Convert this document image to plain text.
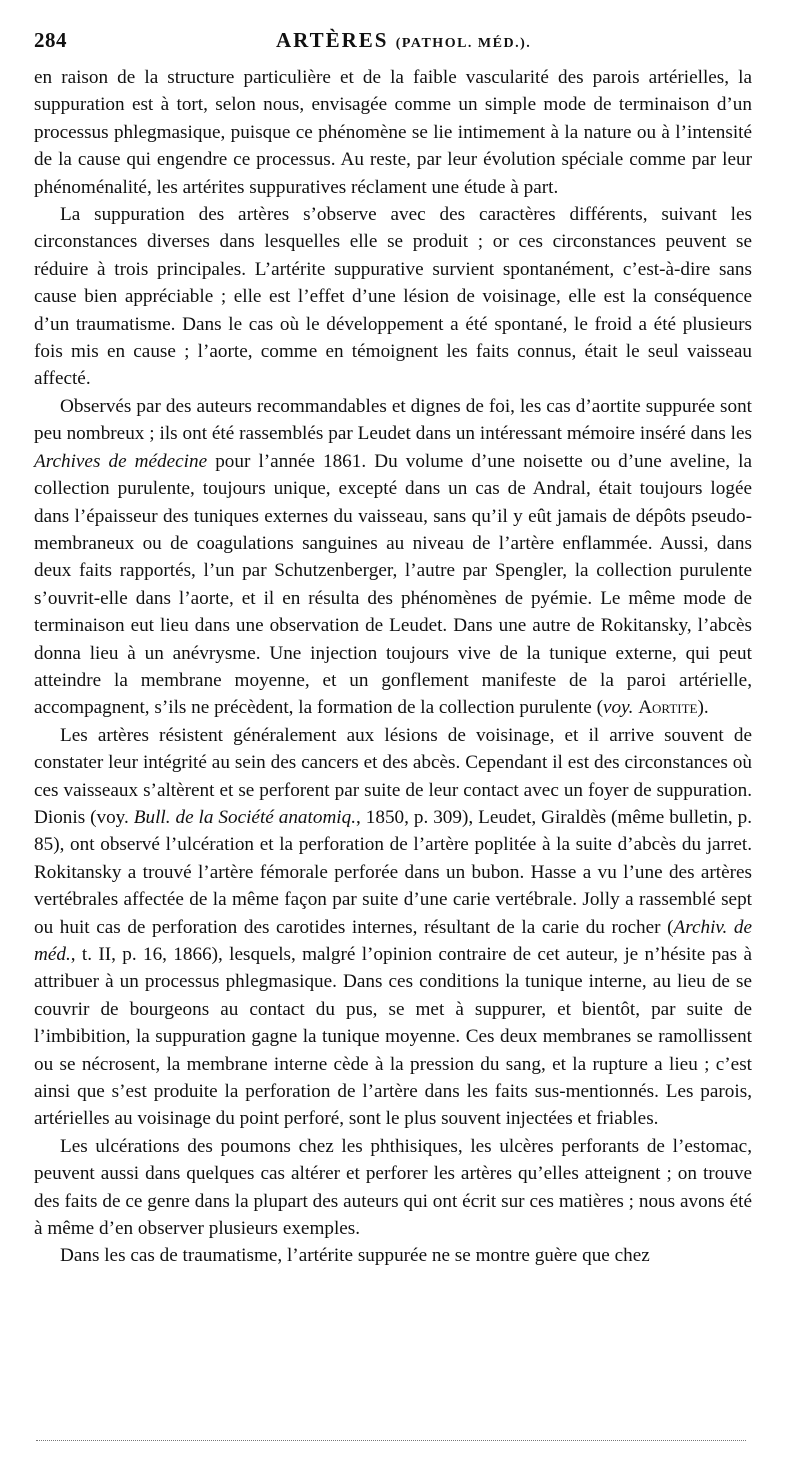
284	ARTÈRES (PATHOL. MÉD.).

en raison de la structure particulière et de la faible vascularité des parois artérielles, la suppuration est à tort, selon nous, envisagée comme un simple mode de terminaison d’un processus phlegmasique, puisque ce phénomène se lie intimement à la nature ou à l’intensité de la cause qui engendre ce processus. Au reste, par leur évolution spéciale comme par leur phénoménalité, les artérites suppuratives réclament une étude à part.

La suppuration des artères s’observe avec des caractères différents, suivant les circonstances diverses dans lesquelles elle se produit ; or ces circonstances peuvent se réduire à trois principales. L’artérite suppurative survient spontanément, c’est-à-dire sans cause bien appréciable ; elle est l’effet d’une lésion de voisinage, elle est la conséquence d’un traumatisme. Dans le cas où le développement a été spontané, le froid a été plusieurs fois mis en cause ; l’aorte, comme en témoignent les faits connus, était le seul vaisseau affecté.

Observés par des auteurs recommandables et dignes de foi, les cas d’aortite suppurée sont peu nombreux ; ils ont été rassemblés par Leudet dans un intéressant mémoire inséré dans les Archives de médecine pour l’année 1861. Du volume d’une noisette ou d’une aveline, la collection purulente, toujours unique, excepté dans un cas de Andral, était toujours logée dans l’épaisseur des tuniques externes du vaisseau, sans qu’il y eût jamais de dépôts pseudo-membraneux ou de coagulations sanguines au niveau de l’artère enflammée. Aussi, dans deux faits rapportés, l’un par Schutzenberger, l’autre par Spengler, la collection purulente s’ouvrit-elle dans l’aorte, et il en résulta des phénomènes de pyémie. Le même mode de terminaison eut lieu dans une observation de Leudet. Dans une autre de Rokitansky, l’abcès donna lieu à un anévrysme. Une injection toujours vive de la tunique externe, qui peut atteindre la membrane moyenne, et un gonflement manifeste de la paroi artérielle, accompagnent, s’ils ne précèdent, la formation de la collection purulente (voy. Aortite).

Les artères résistent généralement aux lésions de voisinage, et il arrive souvent de constater leur intégrité au sein des cancers et des abcès. Cependant il est des circonstances où ces vaisseaux s’altèrent et se perforent par suite de leur contact avec un foyer de suppuration. Dionis (voy. Bull. de la Société anatomiq., 1850, p. 309), Leudet, Giraldès (même bulletin, p. 85), ont observé l’ulcération et la perforation de l’artère poplitée à la suite d’abcès du jarret. Rokitansky a trouvé l’artère fémorale perforée dans un bubon. Hasse a vu l’une des artères vertébrales affectée de la même façon par suite d’une carie vertébrale. Jolly a rassemblé sept ou huit cas de perforation des carotides internes, résultant de la carie du rocher (Archiv. de méd., t. II, p. 16, 1866), lesquels, malgré l’opinion contraire de cet auteur, je n’hésite pas à attribuer à un processus phlegmasique. Dans ces conditions la tunique interne, au lieu de se couvrir de bourgeons au contact du pus, se met à suppurer, et bientôt, par suite de l’imbibition, la suppuration gagne la tunique moyenne. Ces deux membranes se ramollissent ou se nécrosent, la membrane interne cède à la pression du sang, et la rupture a lieu ; c’est ainsi que s’est produite la perforation de l’artère dans les faits sus-mentionnés. Les parois, artérielles au voisinage du point perforé, sont le plus souvent injectées et friables.

Les ulcérations des poumons chez les phthisiques, les ulcères perforants de l’estomac, peuvent aussi dans quelques cas altérer et perforer les artères qu’elles atteignent ; on trouve des faits de ce genre dans la plupart des auteurs qui ont écrit sur ces matières ; nous avons été à même d’en observer plusieurs exemples.

Dans les cas de traumatisme, l’artérite suppurée ne se montre guère que chez
